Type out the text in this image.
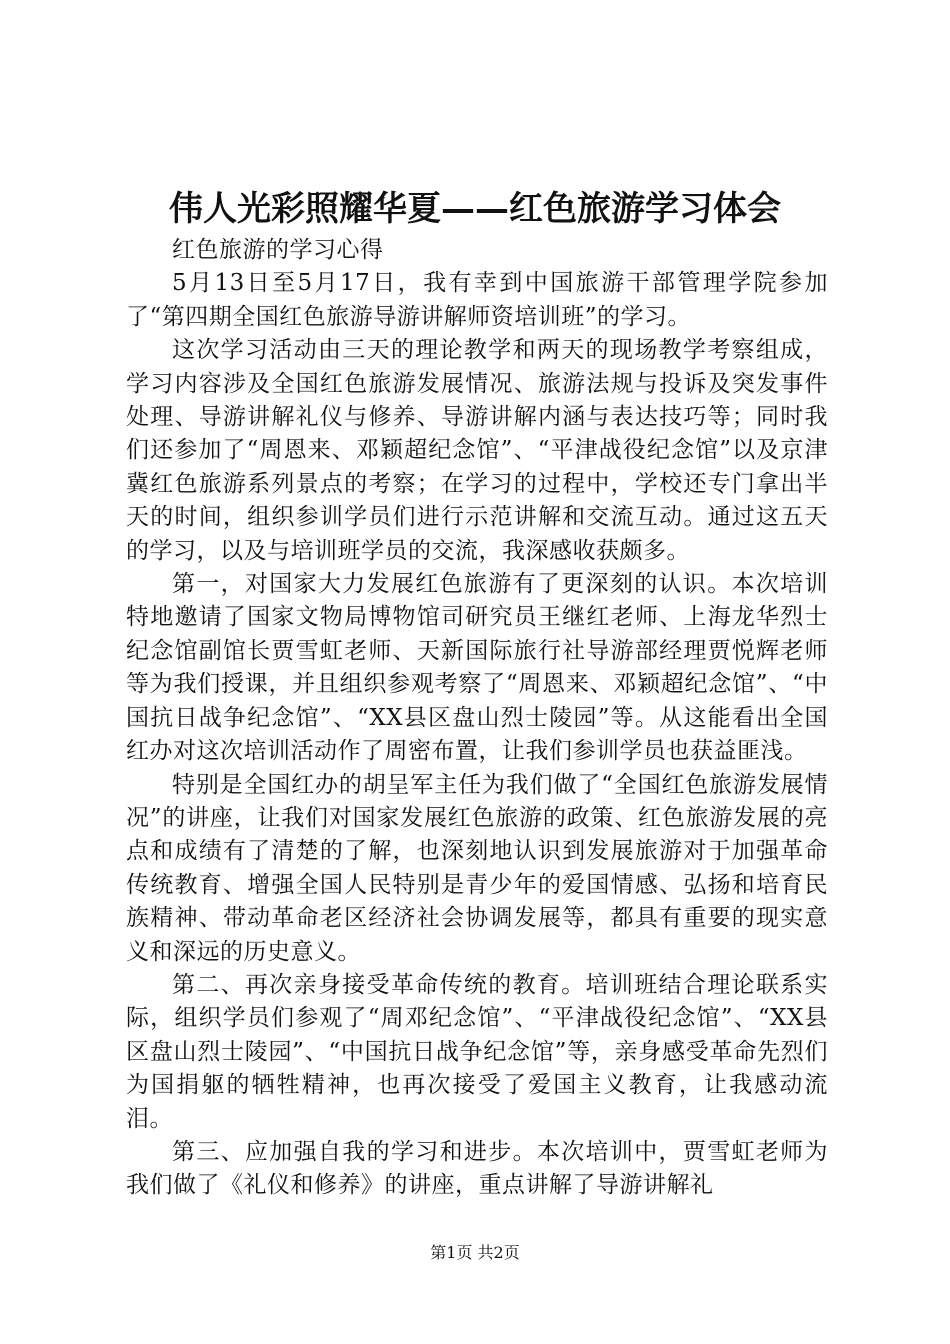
伟人光彩照耀华夏——红色旅游学习体会

红色旅游的学习心得

5月13日至5月17日，我有幸到中国旅游干部管理学院参加了“第四期全国红色旅游导游讲解师资培训班”的学习。

这次学习活动由三天的理论教学和两天的现场教学考察组成，学习内容涉及全国红色旅游发展情况、旅游法规与投诉及突发事件处理、导游讲解礼仪与修养、导游讲解内涵与表达技巧等；同时我们还参加了“周恩来、邓颖超纪念馆”、“平津战役纪念馆”以及京津冀红色旅游系列景点的考察；在学习的过程中，学校还专门拿出半天的时间，组织参训学员们进行示范讲解和交流互动。通过这五天的学习，以及与培训班学员的交流，我深感收获颇多。

第一，对国家大力发展红色旅游有了更深刻的认识。本次培训特地邀请了国家文物局博物馆司研究员王继红老师、上海龙华烈士纪念馆副馆长贾雪虹老师、天新国际旅行社导游部经理贾悦辉老师等为我们授课，并且组织参观考察了“周恩来、邓颖超纪念馆”、“中国抗日战争纪念馆”、“XX县区盘山烈士陵园”等。从这能看出全国红办对这次培训活动作了周密布置，让我们参训学员也获益匪浅。

特别是全国红办的胡呈军主任为我们做了“全国红色旅游发展情况”的讲座，让我们对国家发展红色旅游的政策、红色旅游发展的亮点和成绩有了清楚的了解，也深刻地认识到发展旅游对于加强革命传统教育、增强全国人民特别是青少年的爱国情感、弘扬和培育民族精神、带动革命老区经济社会协调发展等，都具有重要的现实意义和深远的历史意义。

第二、再次亲身接受革命传统的教育。培训班结合理论联系实际，组织学员们参观了“周邓纪念馆”、“平津战役纪念馆”、“XX县区盘山烈士陵园”、“中国抗日战争纪念馆”等，亲身感受革命先烈们为国捐躯的牺牲精神，也再次接受了爱国主义教育，让我感动流泪。

第三、应加强自我的学习和进步。本次培训中，贾雪虹老师为我们做了《礼仪和修养》的讲座，重点讲解了导游讲解礼

第1页 共2页
